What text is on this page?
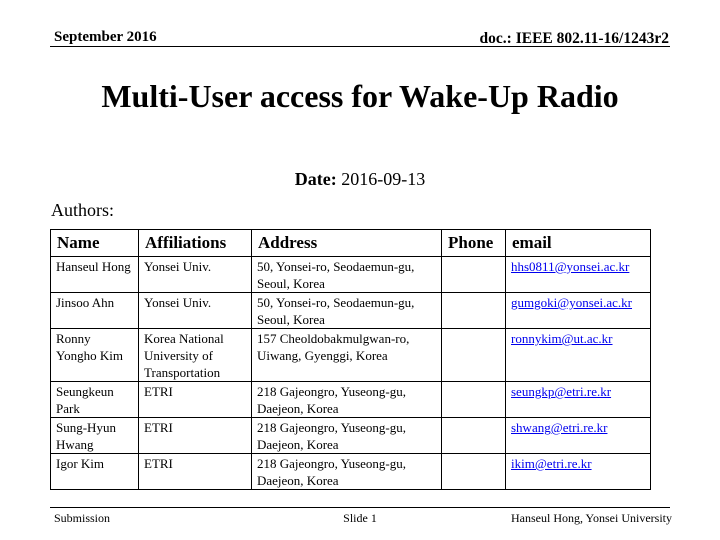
September 2016	doc.: IEEE 802.11-16/1243r2
Multi-User access for Wake-Up Radio
Date: 2016-09-13
Authors:
Name	Affiliations	Address	Phone	email
Hanseul Hong	Yonsei Univ.	50, Yonsei-ro, Seodaemun-gu, Seoul, Korea		hhs0811@yonsei.ac.kr
Jinsoo Ahn	Yonsei Univ.	50, Yonsei-ro, Seodaemun-gu, Seoul, Korea		gumgoki@yonsei.ac.kr
Ronny Yongho Kim	Korea National University of Transportation	157 Cheoldobakmulgwan-ro, Uiwang, Gyenggi, Korea		ronnykim@ut.ac.kr
Seungkeun Park	ETRI	218 Gajeongro, Yuseong-gu, Daejeon, Korea		seungkp@etri.re.kr
Sung-Hyun Hwang	ETRI	218 Gajeongro, Yuseong-gu, Daejeon, Korea		shwang@etri.re.kr
Igor Kim	ETRI	218 Gajeongro, Yuseong-gu, Daejeon, Korea		ikim@etri.re.kr
Submission	Slide 1	Hanseul Hong, Yonsei University
